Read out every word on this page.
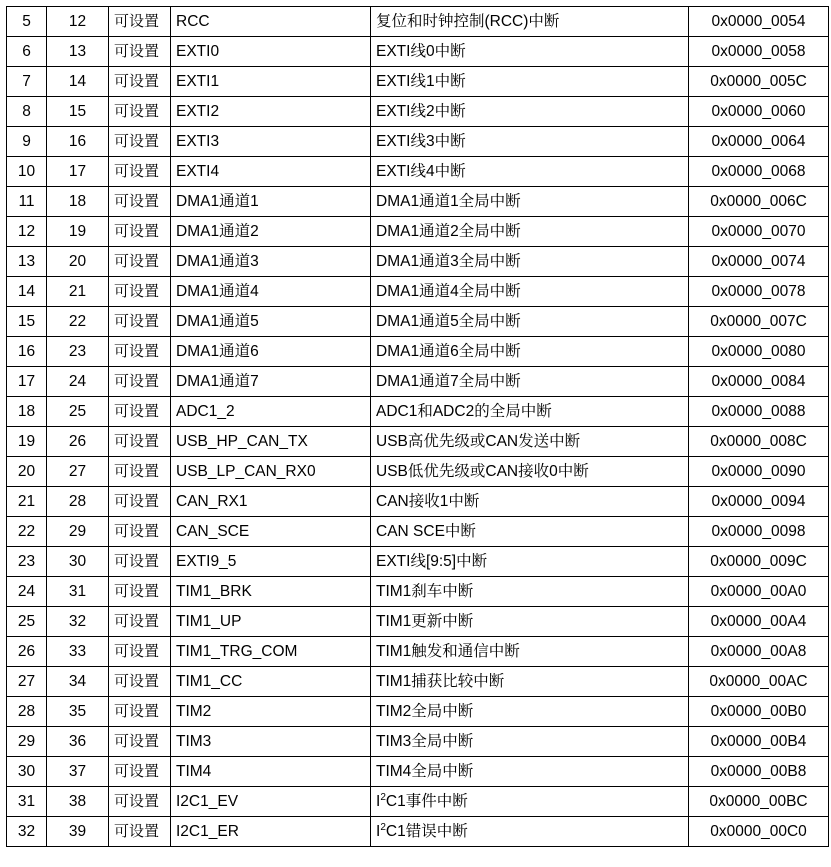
5	12	可设置	RCC	复位和时钟控制(RCC)中断	0x0000_0054
6	13	可设置	EXTI0	EXTI线0中断	0x0000_0058
7	14	可设置	EXTI1	EXTI线1中断	0x0000_005C
8	15	可设置	EXTI2	EXTI线2中断	0x0000_0060
9	16	可设置	EXTI3	EXTI线3中断	0x0000_0064
10	17	可设置	EXTI4	EXTI线4中断	0x0000_0068
11	18	可设置	DMA1通道1	DMA1通道1全局中断	0x0000_006C
12	19	可设置	DMA1通道2	DMA1通道2全局中断	0x0000_0070
13	20	可设置	DMA1通道3	DMA1通道3全局中断	0x0000_0074
14	21	可设置	DMA1通道4	DMA1通道4全局中断	0x0000_0078
15	22	可设置	DMA1通道5	DMA1通道5全局中断	0x0000_007C
16	23	可设置	DMA1通道6	DMA1通道6全局中断	0x0000_0080
17	24	可设置	DMA1通道7	DMA1通道7全局中断	0x0000_0084
18	25	可设置	ADC1_2	ADC1和ADC2的全局中断	0x0000_0088
19	26	可设置	USB_HP_CAN_TX	USB高优先级或CAN发送中断	0x0000_008C
20	27	可设置	USB_LP_CAN_RX0	USB低优先级或CAN接收0中断	0x0000_0090
21	28	可设置	CAN_RX1	CAN接收1中断	0x0000_0094
22	29	可设置	CAN_SCE	CAN SCE中断	0x0000_0098
23	30	可设置	EXTI9_5	EXTI线[9:5]中断	0x0000_009C
24	31	可设置	TIM1_BRK	TIM1刹车中断	0x0000_00A0
25	32	可设置	TIM1_UP	TIM1更新中断	0x0000_00A4
26	33	可设置	TIM1_TRG_COM	TIM1触发和通信中断	0x0000_00A8
27	34	可设置	TIM1_CC	TIM1捕获比较中断	0x0000_00AC
28	35	可设置	TIM2	TIM2全局中断	0x0000_00B0
29	36	可设置	TIM3	TIM3全局中断	0x0000_00B4
30	37	可设置	TIM4	TIM4全局中断	0x0000_00B8
31	38	可设置	I2C1_EV	$I^2C1$事件中断	0x0000_00BC
32	39	可设置	I2C1_ER	$I^2C1$错误中断	0x0000_00C0
